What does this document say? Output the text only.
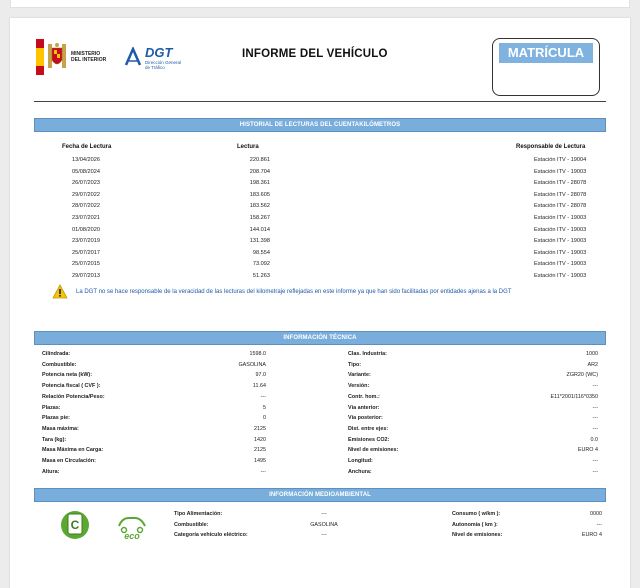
MINISTERIO
DEL INTERIOR
DGT
Dirección General
de Tráfico
INFORME DEL VEHÍCULO	MATRÍCULA
HISTORIAL DE LECTURAS DEL CUENTAKILÓMETROS
Fecha de Lectura	Lectura	Responsable de Lectura
13/04/2026	220.861	Estación ITV - 19004
05/08/2024	208.704	Estación ITV - 19003
26/07/2023	198.361	Estación ITV - 28078
29/07/2022	183.605	Estación ITV - 28078
28/07/2022	183.562	Estación ITV - 28078
23/07/2021	158.267	Estación ITV - 19003
01/08/2020	144.014	Estación ITV - 19003
23/07/2019	131.398	Estación ITV - 19003
25/07/2017	98.554	Estación ITV - 19003
25/07/2015	73.092	Estación ITV - 19003
29/07/2013	51.263	Estación ITV - 19003
La DGT no se hace responsable de la veracidad de las lecturas del kilometraje reflejadas en este informe ya que han sido facilitadas por entidades ajenas a la DGT
INFORMACIÓN TÉCNICA
Cilindrada:	1598.0	Clas. Industria:	1000
Combustible:	GASOLINA	Tipo:	AR2
Potencia neta (kW):	97.0	Variante:	ZGR20 (WC)
Potencia fiscal ( CVF ):	11.64	Versión:	---
Relación Potencia/Peso:	---	Contr. hom.:	E11*2001/116*0350
Plazas:	5	Vía anterior:	---
Plazas pie:	0	Vía posterior:	---
Masa máxima:	2125	Dist. entre ejes:	---
Tara (kg):	1420	Emisiones CO2:	0.0
Masa Máxima en Carga:	2125	Nivel de emisiones:	EURO 4
Masa en Circulación:	1495	Longitud:	---
Altura:	---	Anchura:	---
INFORMACIÓN MEDIOAMBIENTAL
C
eco
Tipo Alimentación:	---	Consumo ( w/km ):	0000
Combustible:	GASOLINA	Autonomía ( km ):	---
Categoría vehículo eléctrico:	---	Nivel de emisiones:	EURO 4
